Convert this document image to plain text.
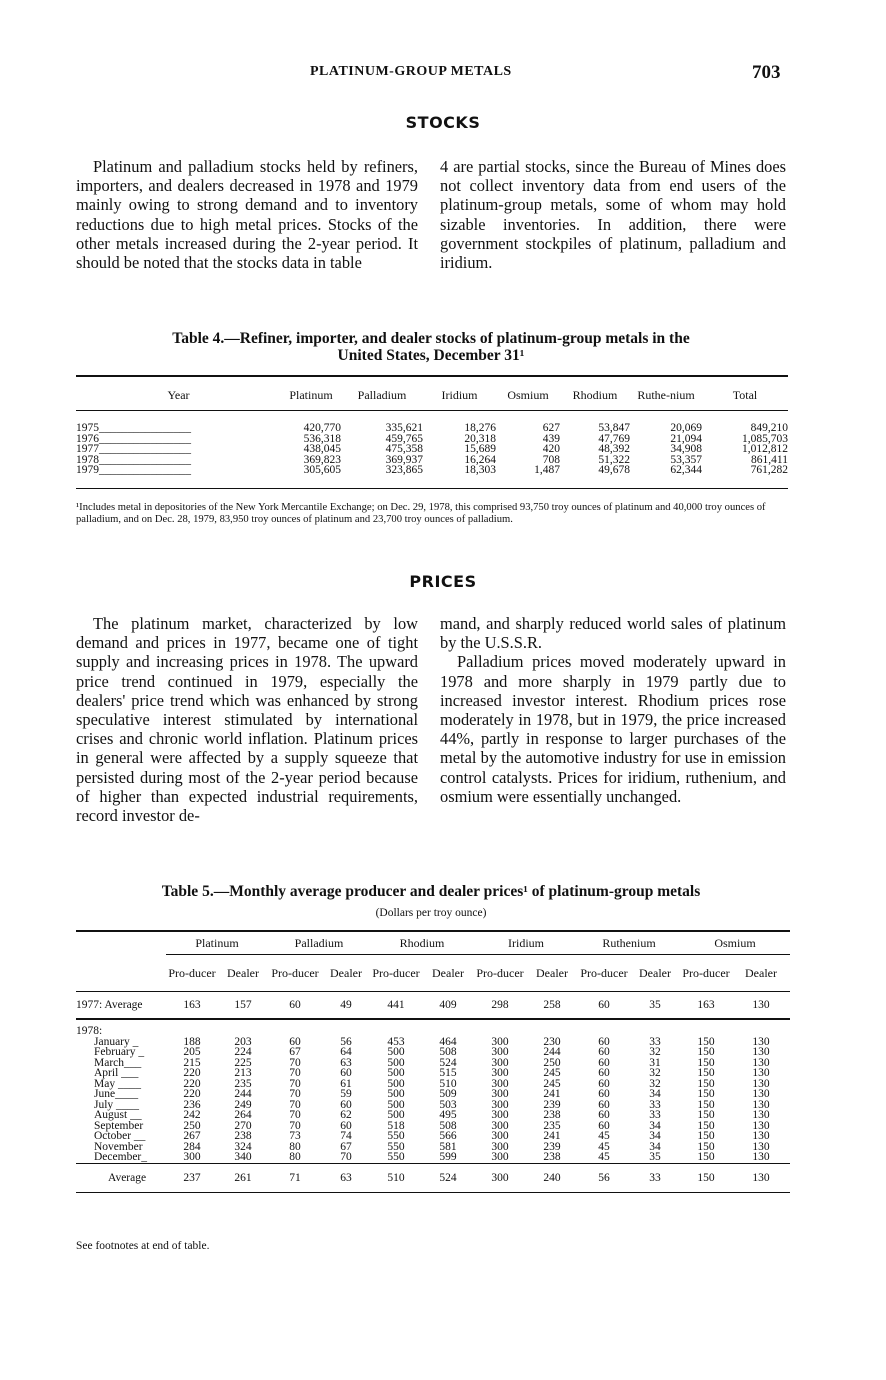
PLATINUM-GROUP METALS	703
STOCKS

Platinum and palladium stocks held by refiners, importers, and dealers decreased in 1978 and 1979 mainly owing to strong demand and to inventory reductions due to high metal prices. Stocks of the other metals increased during the 2-year period. It should be noted that the stocks data in table

4 are partial stocks, since the Bureau of Mines does not collect inventory data from end users of the platinum-group metals, some of whom may hold sizable inventories. In addition, there were government stockpiles of platinum, palladium and iridium.

Table 4.—Refiner, importer, and dealer stocks of platinum-group metals in the
United States, December 31¹
Year	Platinum	Palladium	Iridium	Osmium	Rhodium	Ruthe-nium	Total

1975________________	420,770	335,621	18,276	627	53,847	20,069	849,210
1976________________	536,318	459,765	20,318	439	47,769	21,094	1,085,703
1977________________	438,045	475,358	15,689	420	48,392	34,908	1,012,812
1978________________	369,823	369,937	16,264	708	51,322	53,357	861,411
1979________________	305,605	323,865	18,303	1,487	49,678	62,344	761,282
¹Includes metal in depositories of the New York Mercantile Exchange; on Dec. 29, 1978, this comprised 93,750 troy ounces of platinum and 40,000 troy ounces of palladium, and on Dec. 28, 1979, 83,950 troy ounces of platinum and 23,700 troy ounces of palladium.
PRICES

The platinum market, characterized by low demand and prices in 1977, became one of tight supply and increasing prices in 1978. The upward price trend continued in 1979, especially the dealers' price trend which was enhanced by strong speculative interest stimulated by international crises and chronic world inflation. Platinum prices in general were affected by a supply squeeze that persisted during most of the 2-year period because of higher than expected industrial requirements, record investor de-

mand, and sharply reduced world sales of platinum by the U.S.S.R.

Palladium prices moved moderately upward in 1978 and more sharply in 1979 partly due to increased investor interest. Rhodium prices rose moderately in 1978, but in 1979, the price increased 44%, partly in response to larger purchases of the metal by the automotive industry for use in emission control catalysts. Prices for iridium, ruthenium, and osmium were essentially unchanged.

Table 5.—Monthly average producer and dealer prices¹ of platinum-group metals
(Dollars per troy ounce)
	Platinum		Palladium		Rhodium		Iridium		Ruthenium		Osmium	
	Pro-ducer	Dealer	Pro-ducer	Dealer	Pro-ducer	Dealer	Pro-ducer	Dealer	Pro-ducer	Dealer	Pro-ducer	Dealer
1977: Average	163	157	60	49	441	409	298	258	60	35	163	130
1978:												
January _	188	203	60	56	453	464	300	230	60	33	150	130
February _	205	224	67	64	500	508	300	244	60	32	150	130
March___	215	225	70	63	500	524	300	250	60	31	150	130
April ___	220	213	70	60	500	515	300	245	60	32	150	130
May ____	220	235	70	61	500	510	300	245	60	32	150	130
June____	220	244	70	59	500	509	300	241	60	34	150	130
July ____	236	249	70	60	500	503	300	239	60	33	150	130
August __	242	264	70	62	500	495	300	238	60	33	150	130
September	250	270	70	60	518	508	300	235	60	34	150	130
October __	267	238	73	74	550	566	300	241	45	34	150	130
November	284	324	80	67	550	581	300	239	45	34	150	130
December_	300	340	80	70	550	599	300	238	45	35	150	130
Average	237	261	71	63	510	524	300	240	56	33	150	130
See footnotes at end of table.
